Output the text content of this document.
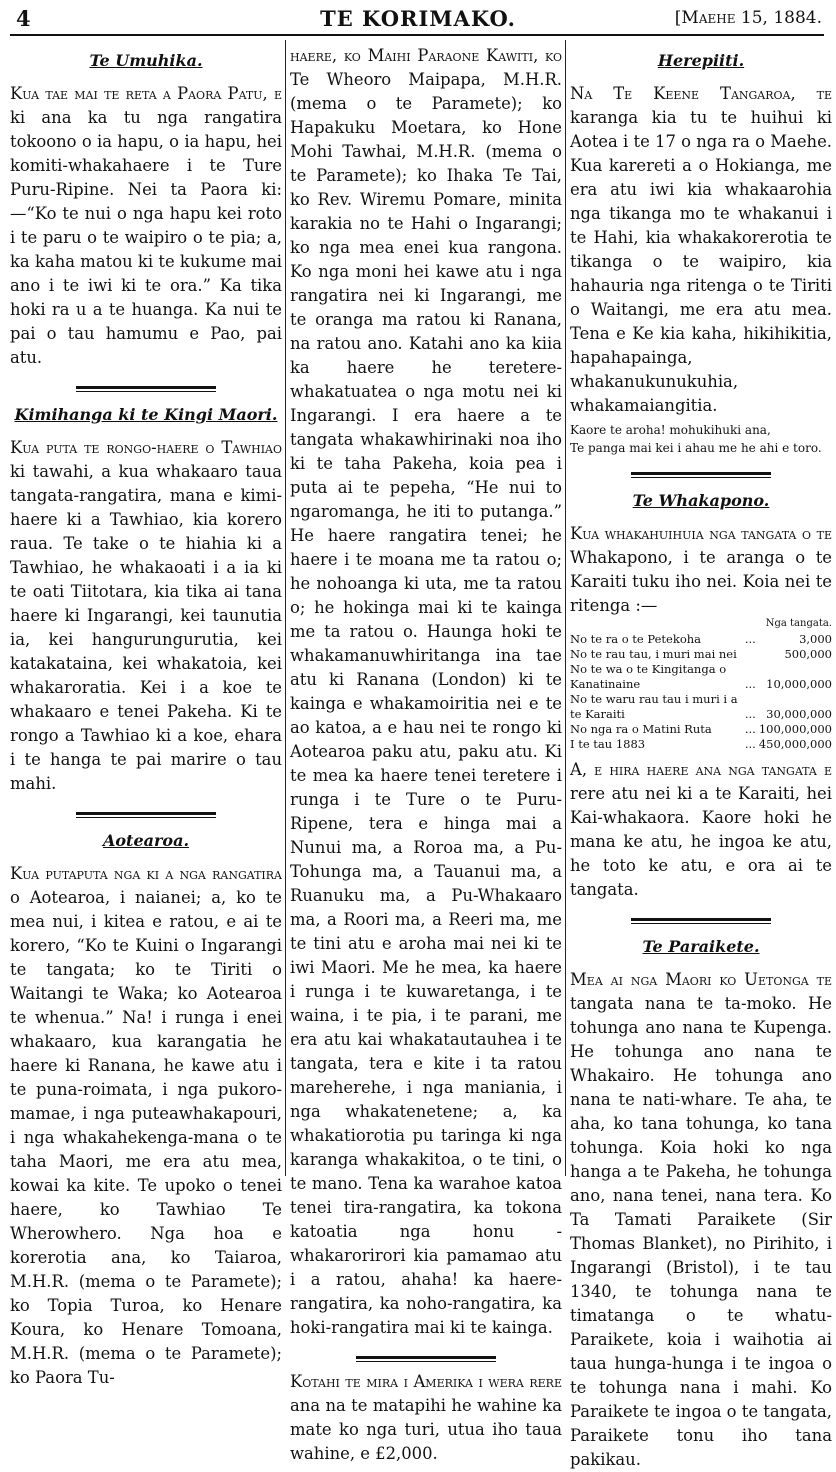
4	TE KORIMAKO.	[Maehe 15, 1884.
Te Umuhika.

Kua tae mai te reta a Paora Patu, e ki ana ka tu nga rangatira tokoono o ia hapu, o ia hapu, hei komiti-whakahaere i te Ture Puru-Ripine. Nei ta Paora ki:—“Ko te nui o nga hapu kei roto i te paru o te waipiro o te pia; a, ka kaha matou ki te kukume mai ano i te iwi ki te ora.” Ka tika hoki ra u a te huanga. Ka nui te pai o tau hamumu e Pao, pai atu.

Kimihanga ki te Kingi Maori.

Kua puta te rongo-haere o Tawhiao ki tawahi, a kua whakaaro taua tangata-rangatira, mana e kimi-haere ki a Tawhiao, kia korero raua. Te take o te hiahia ki a Tawhiao, he whakaoati i a ia ki te oati Tiitotara, kia tika ai tana haere ki Ingarangi, kei taunutia ia, kei hangurungurutia, kei katakataina, kei whakatoia, kei whakaroratia. Kei i a koe te whakaaro e tenei Pakeha. Ki te rongo a Tawhiao ki a koe, ehara i te hanga te pai marire o tau mahi.

Aotearoa.

Kua putaputa nga ki a nga rangatira o Aotearoa, i naianei; a, ko te mea nui, i kitea e ratou, e ai te korero, “Ko te Kuini o Ingarangi te tangata; ko te Tiriti o Waitangi te Waka; ko Aotearoa te whenua.” Na! i runga i enei whakaaro, kua karangatia he haere ki Ranana, he kawe atu i te puna-roimata, i nga pukoro-mamae, i nga puteawhakapouri, i nga whakahekenga-mana o te taha Maori, me era atu mea, kowai ka kite. Te upoko o tenei haere, ko Tawhiao Te Wherowhero. Nga hoa e korerotia ana, ko Taiaroa, M.H.R. (mema o te Paramete); ko Topia Turoa, ko Henare Koura, ko Henare Tomoana, M.H.R. (mema o te Paramete); ko Paora Tu-

haere, ko Maihi Paraone Kawiti, ko Te Wheoro Maipapa, M.H.R. (mema o te Paramete); ko Hapakuku Moetara, ko Hone Mohi Tawhai, M.H.R. (mema o te Paramete); ko Ihaka Te Tai, ko Rev. Wiremu Pomare, minita karakia no te Hahi o Ingarangi; ko nga mea enei kua rangona. Ko nga moni hei kawe atu i nga rangatira nei ki Ingarangi, me te oranga ma ratou ki Ranana, na ratou ano. Katahi ano ka kiia ka haere he teretere-whakatuatea o nga motu nei ki Ingarangi. I era haere a te tangata whakawhirinaki noa iho ki te taha Pakeha, koia pea i puta ai te pepeha, “He nui to ngaromanga, he iti to putanga.” He haere rangatira tenei; he haere i te moana me ta ratou o; he nohoanga ki uta, me ta ratou o; he hokinga mai ki te kainga me ta ratou o. Haunga hoki te whakamanuwhiritanga ina tae atu ki Ranana (London) ki te kainga e whakamoiritia nei e te ao katoa, a e hau nei te rongo ki Aotearoa paku atu, paku atu. Ki te mea ka haere tenei teretere i runga i te Ture o te Puru-Ripene, tera e hinga mai a Nunui ma, a Roroa ma, a Pu-Tohunga ma, a Tauanui ma, a Ruanuku ma, a Pu-Whakaaro ma, a Roori ma, a Reeri ma, me te tini atu e aroha mai nei ki te iwi Maori. Me he mea, ka haere i runga i te kuwaretanga, i te waina, i te pia, i te parani, me era atu kai whakatautauhea i te tangata, tera e kite i ta ratou mareherehe, i nga maniania, i nga whakatenetene; a, ka whakatiorotia pu taringa ki nga karanga whakakitoa, o te tini, o te mano. Tena ka warahoe katoa tenei tira-rangatira, ka tokona katoatia nga honu - whakarorirori kia pamamao atu i a ratou, ahaha! ka haere-rangatira, ka noho-rangatira, ka hoki-rangatira mai ki te kainga.

Kotahi te mira i Amerika i wera rere ana na te matapihi he wahine ka mate ko nga turi, utua iho taua wahine, e £2,000.

Herepiiti.

Na Te Keene Tangaroa, te karanga kia tu te huihui ki Aotea i te 17 o nga ra o Maehe. Kua karereti a o Hokianga, me era atu iwi kia whakaarohia nga tikanga mo te whakanui i te Hahi, kia whakakorerotia te tikanga o te waipiro, kia hahauria nga ritenga o te Tiriti o Waitangi, me era atu mea. Tena e Ke kia kaha, hikihikitia, hapahapainga, whakanukunukuhia, whakamaiangitia.

Kaore te aroha! mohukihuki ana,

Te panga mai kei i ahau me he ahi e toro.

Te Whakapono.

Kua whakahuihuia nga tangata o te Whakapono, i te aranga o te Karaiti tuku iho nei. Koia nei te ritenga :—

Nga tangata.
No te ra o te Petekoha	...	3,000
No te rau tau, i muri mai nei		500,000
No te wa o te Kingitanga o Kanatinaine	...	10,000,000
No te waru rau tau i muri i a te Karaiti	...	30,000,000
No nga ra o Matini Ruta	...	100,000,000
I te tau 1883	...	450,000,000

A, e hira haere ana nga tangata e rere atu nei ki a te Karaiti, hei Kai-whakaora. Kaore hoki he mana ke atu, he ingoa ke atu, he toto ke atu, e ora ai te tangata.

Te Paraikete.

Mea ai nga Maori ko Uetonga te tangata nana te ta-moko. He tohunga ano nana te Kupenga. He tohunga ano nana te Whakairo. He tohunga ano nana te nati-whare. Te aha, te aha, ko tana tohunga, ko tana tohunga. Koia hoki ko nga hanga a te Pakeha, he tohunga ano, nana tenei, nana tera. Ko Ta Tamati Paraikete (Sir Thomas Blanket), no Pirihito, i Ingarangi (Bristol), i te tau 1340, te tohunga nana te timatanga o te whatu-Paraikete, koia i waihotia ai taua hunga-hunga i te ingoa o te tohunga nana i mahi. Ko Paraikete te ingoa o te tangata, Paraikete tonu iho tana pakikau.
